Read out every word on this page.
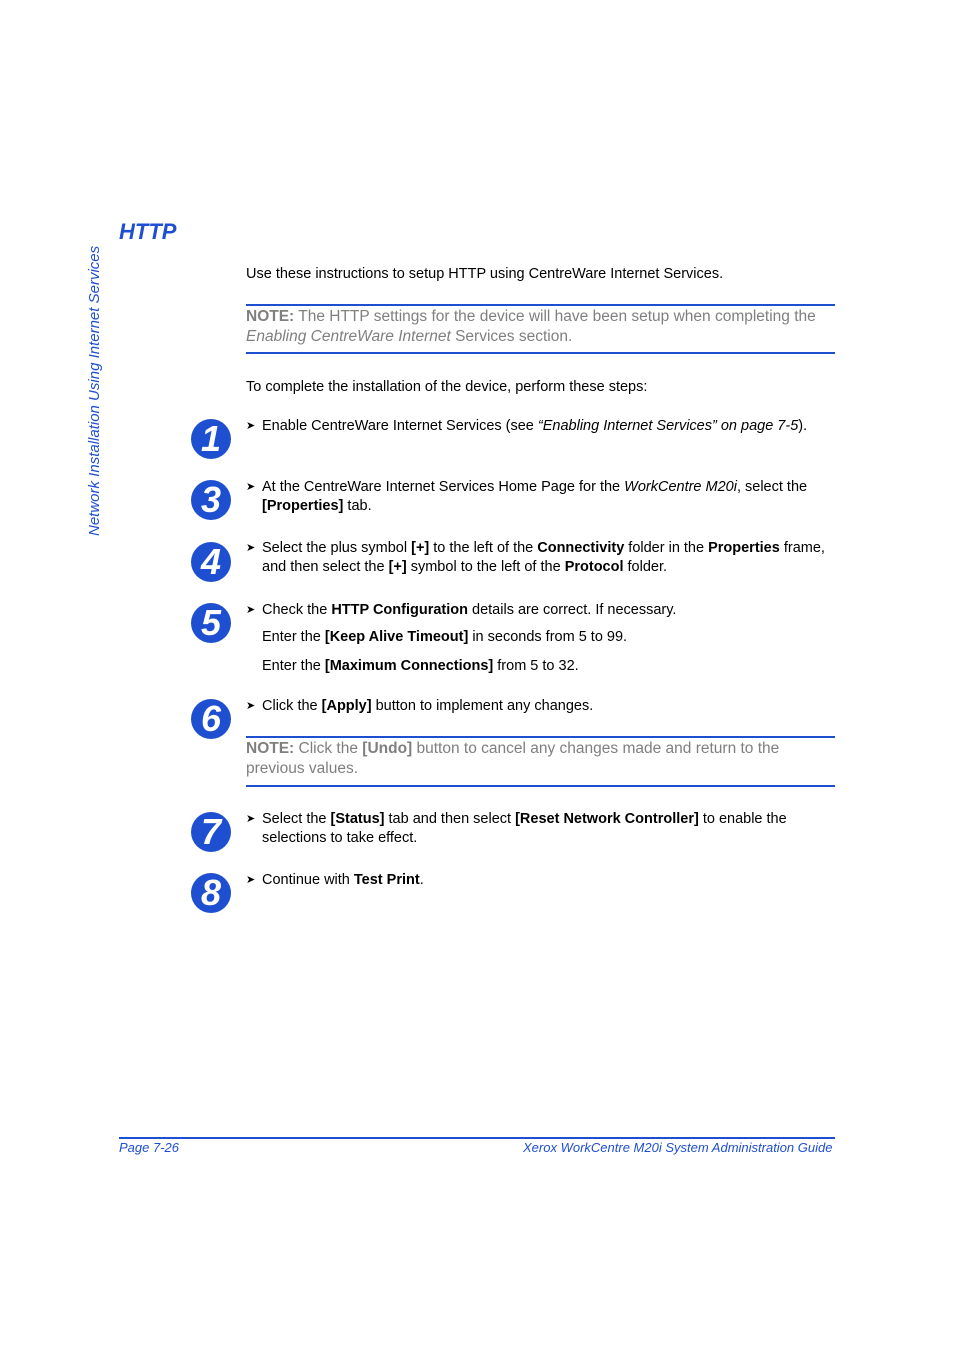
Network Installation Using Internet Services
HTTP
Use these instructions to setup HTTP using CentreWare Internet Services.
NOTE: The HTTP settings for the device will have been setup when completing the Enabling CentreWare Internet Services section.
To complete the installation of the device, perform these steps:
1	➤ Enable CentreWare Internet Services (see “Enabling Internet Services” on page 7-5).
3	➤ At the CentreWare Internet Services Home Page for the WorkCentre M20i, select the [Properties] tab.
4	➤ Select the plus symbol [+] to the left of the Connectivity folder in the Properties frame, and then select the [+] symbol to the left of the Protocol folder.
5	➤ Check the HTTP Configuration details are correct. If necessary.
Enter the [Keep Alive Timeout] in seconds from 5 to 99.
Enter the [Maximum Connections] from 5 to 32.
6	➤ Click the [Apply] button to implement any changes.
NOTE: Click the [Undo] button to cancel any changes made and return to the previous values.
7	➤ Select the [Status] tab and then select [Reset Network Controller] to enable the selections to take effect.
8	➤ Continue with Test Print.
Page 7-26	Xerox WorkCentre M20i System Administration Guide
